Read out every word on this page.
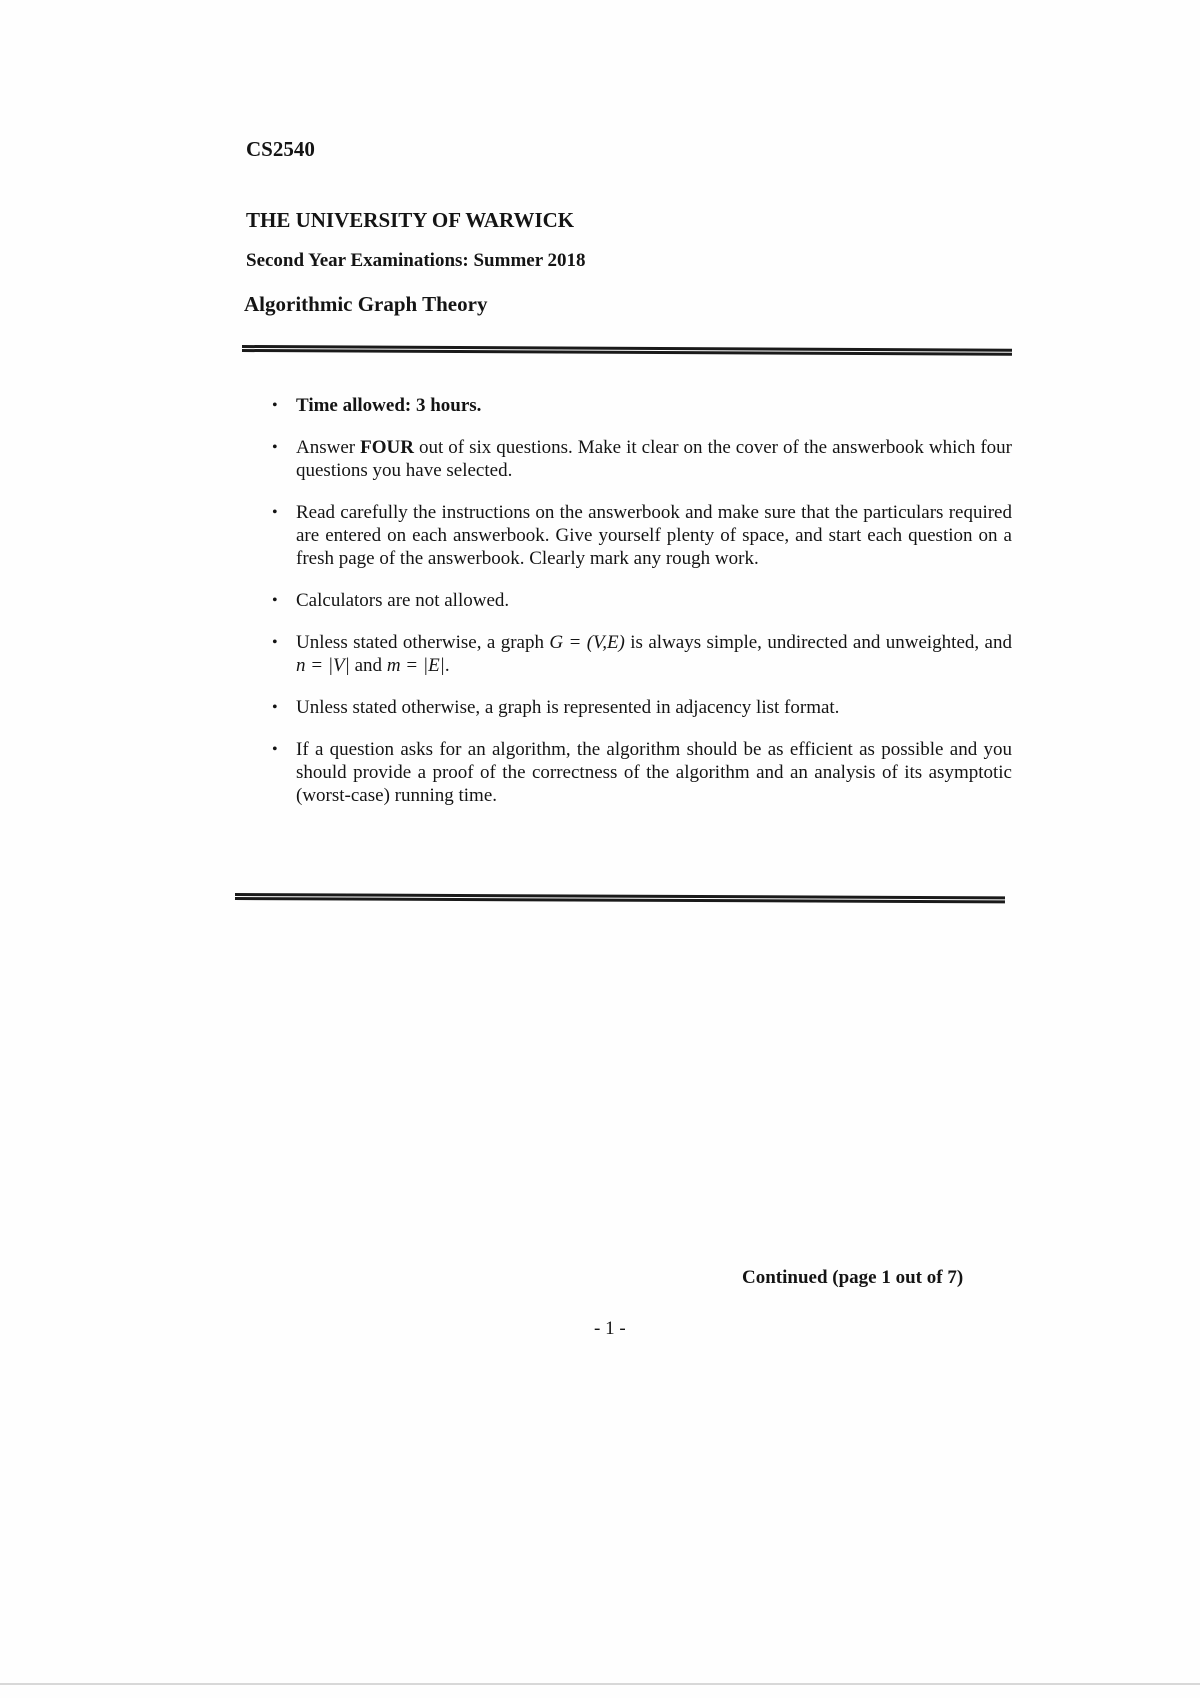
CS2540
THE UNIVERSITY OF WARWICK
Second Year Examinations: Summer 2018
Algorithmic Graph Theory
• Time allowed: 3 hours.
• Answer FOUR out of six questions. Make it clear on the cover of the answerbook which four questions you have selected.
• Read carefully the instructions on the answerbook and make sure that the particulars required are entered on each answerbook. Give yourself plenty of space, and start each question on a fresh page of the answerbook. Clearly mark any rough work.
• Calculators are not allowed.
• Unless stated otherwise, a graph G = (V,E) is always simple, undirected and unweighted, and n = |V| and m = |E|.
• Unless stated otherwise, a graph is represented in adjacency list format.
• If a question asks for an algorithm, the algorithm should be as efficient as possible and you should provide a proof of the correctness of the algorithm and an analysis of its asymptotic (worst-case) running time.
Continued (page 1 out of 7)
- 1 -
